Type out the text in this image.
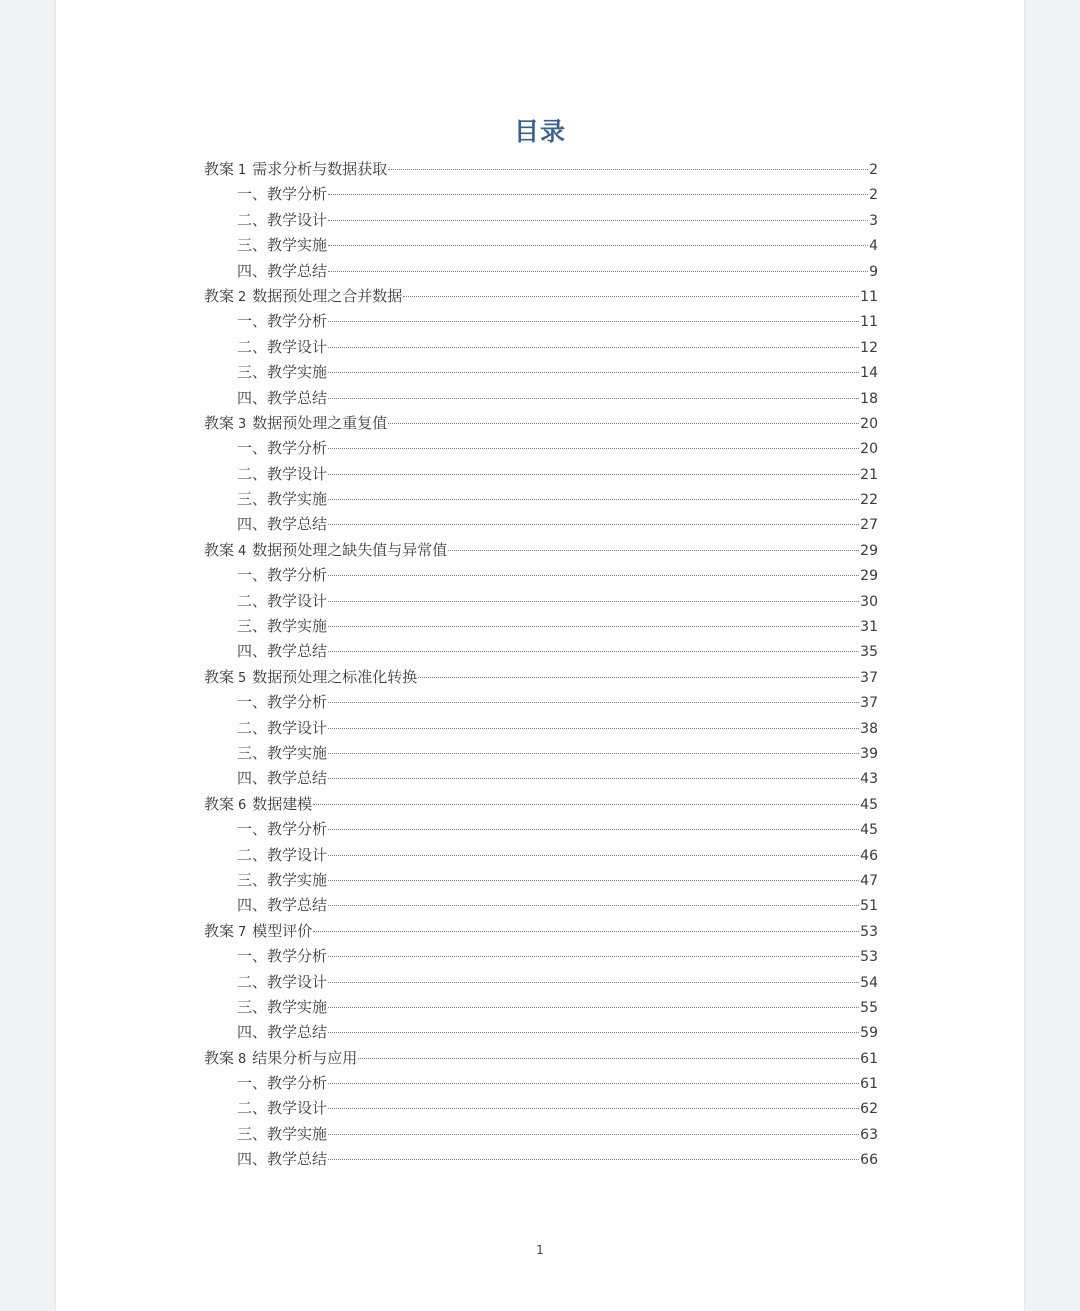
目录
教案 1 需求分析与数据获取	2
一、教学分析	2
二、教学设计	3
三、教学实施	4
四、教学总结	9
教案 2 数据预处理之合并数据	11
一、教学分析	11
二、教学设计	12
三、教学实施	14
四、教学总结	18
教案 3 数据预处理之重复值	20
一、教学分析	20
二、教学设计	21
三、教学实施	22
四、教学总结	27
教案 4 数据预处理之缺失值与异常值	29
一、教学分析	29
二、教学设计	30
三、教学实施	31
四、教学总结	35
教案 5 数据预处理之标准化转换	37
一、教学分析	37
二、教学设计	38
三、教学实施	39
四、教学总结	43
教案 6 数据建模	45
一、教学分析	45
二、教学设计	46
三、教学实施	47
四、教学总结	51
教案 7 模型评价	53
一、教学分析	53
二、教学设计	54
三、教学实施	55
四、教学总结	59
教案 8 结果分析与应用	61
一、教学分析	61
二、教学设计	62
三、教学实施	63
四、教学总结	66
1
